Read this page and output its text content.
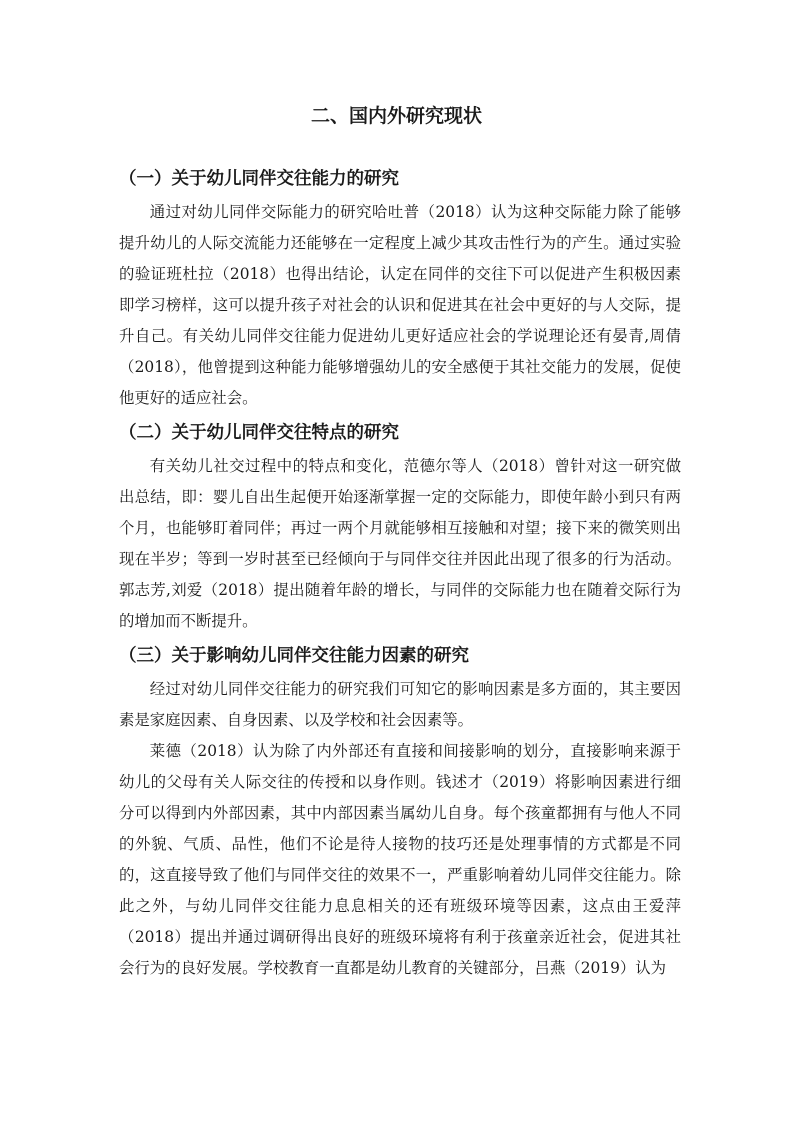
二、国内外研究现状
（一）关于幼儿同伴交往能力的研究

通过对幼儿同伴交际能力的研究哈吐普（2018）认为这种交际能力除了能够提升幼儿的人际交流能力还能够在一定程度上减少其攻击性行为的产生。通过实验的验证班杜拉（2018）也得出结论，认定在同伴的交往下可以促进产生积极因素即学习榜样，这可以提升孩子对社会的认识和促进其在社会中更好的与人交际，提升自己。有关幼儿同伴交往能力促进幼儿更好适应社会的学说理论还有晏青,周倩（2018），他曾提到这种能力能够增强幼儿的安全感便于其社交能力的发展，促使他更好的适应社会。

（二）关于幼儿同伴交往特点的研究

有关幼儿社交过程中的特点和变化，范德尔等人（2018）曾针对这一研究做出总结，即：婴儿自出生起便开始逐渐掌握一定的交际能力，即使年龄小到只有两个月，也能够盯着同伴；再过一两个月就能够相互接触和对望；接下来的微笑则出现在半岁；等到一岁时甚至已经倾向于与同伴交往并因此出现了很多的行为活动。郭志芳,刘爱（2018）提出随着年龄的增长，与同伴的交际能力也在随着交际行为的增加而不断提升。

（三）关于影响幼儿同伴交往能力因素的研究

经过对幼儿同伴交往能力的研究我们可知它的影响因素是多方面的，其主要因素是家庭因素、自身因素、以及学校和社会因素等。

莱德（2018）认为除了内外部还有直接和间接影响的划分，直接影响来源于幼儿的父母有关人际交往的传授和以身作则。钱述才（2019）将影响因素进行细分可以得到内外部因素，其中内部因素当属幼儿自身。每个孩童都拥有与他人不同的外貌、气质、品性，他们不论是待人接物的技巧还是处理事情的方式都是不同的，这直接导致了他们与同伴交往的效果不一，严重影响着幼儿同伴交往能力。除此之外，与幼儿同伴交往能力息息相关的还有班级环境等因素，这点由王爱萍（2018）提出并通过调研得出良好的班级环境将有利于孩童亲近社会，促进其社会行为的良好发展。学校教育一直都是幼儿教育的关键部分，吕燕（2019）认为
